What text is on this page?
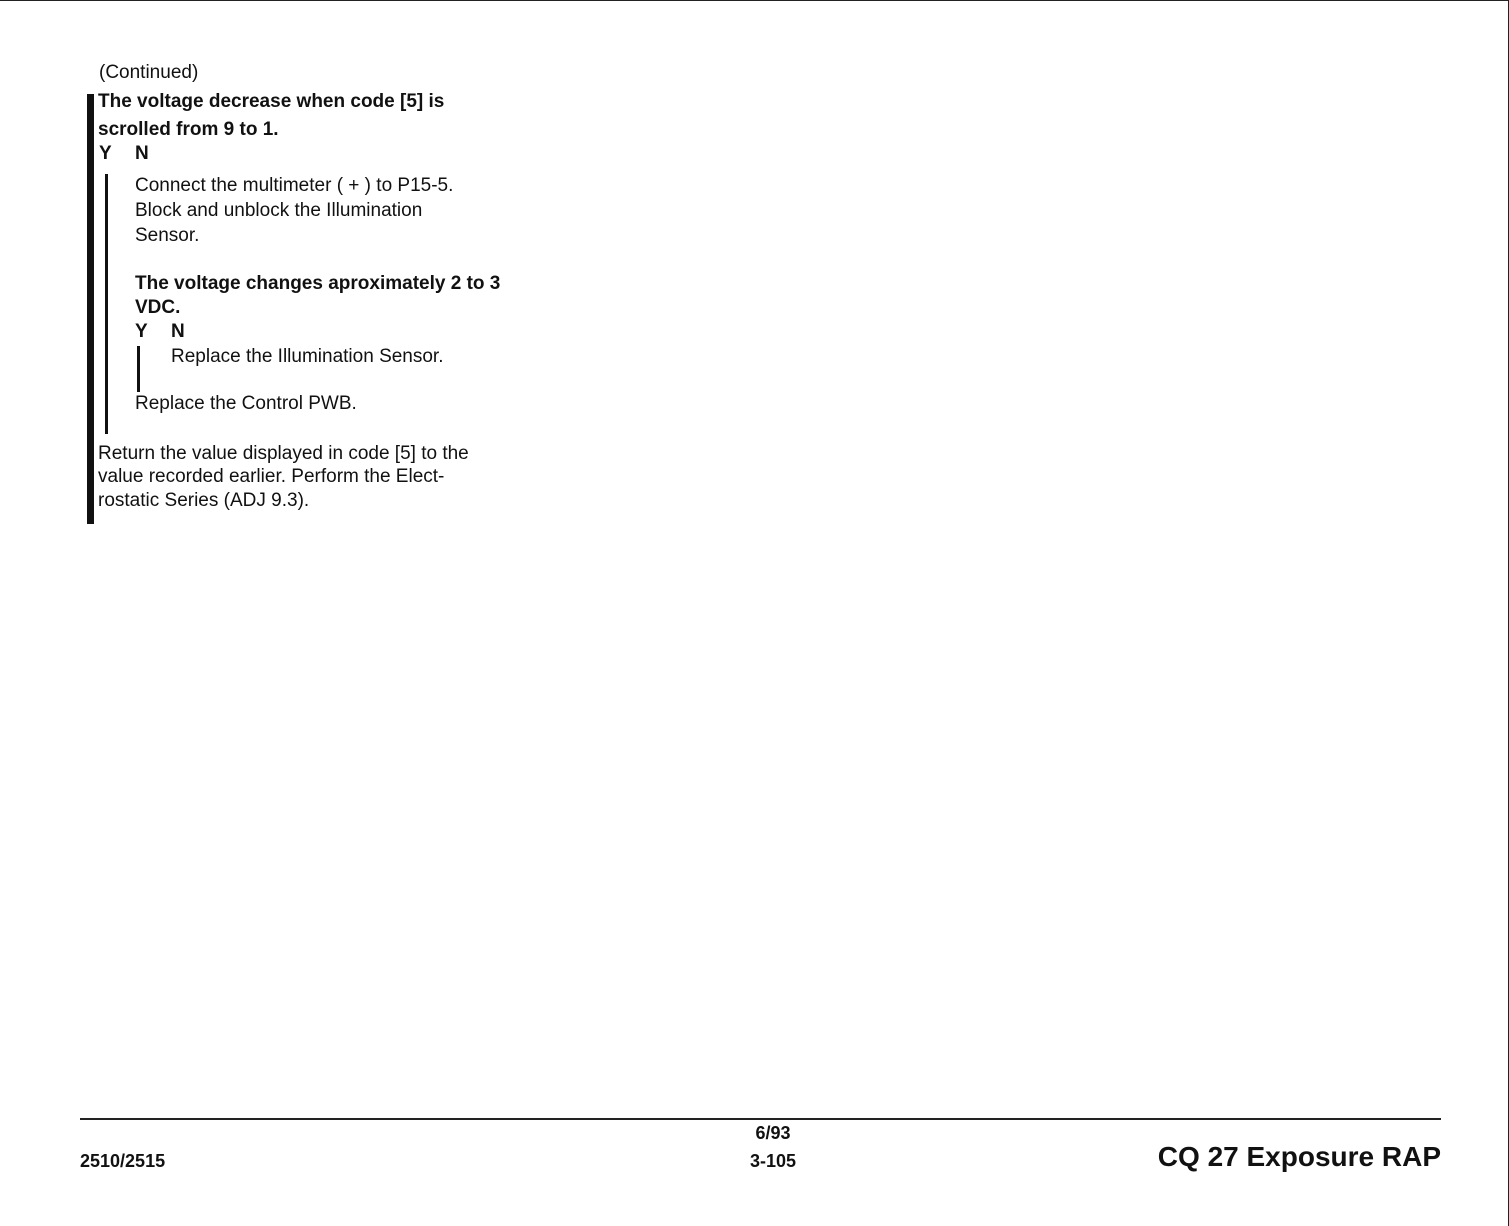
(Continued)
The voltage decrease when code [5] is
scrolled from 9 to 1.
Y N
Connect the multimeter ( + ) to P15-5.
Block and unblock the Illumination
Sensor.
The voltage changes aproximately 2 to 3
VDC.
Y N
Replace the Illumination Sensor.
Replace the Control PWB.
Return the value displayed in code [5] to the
value recorded earlier. Perform the Elect-
rostatic Series (ADJ 9.3).
2510/2515
6/93
3-105	CQ 27 Exposure RAP
